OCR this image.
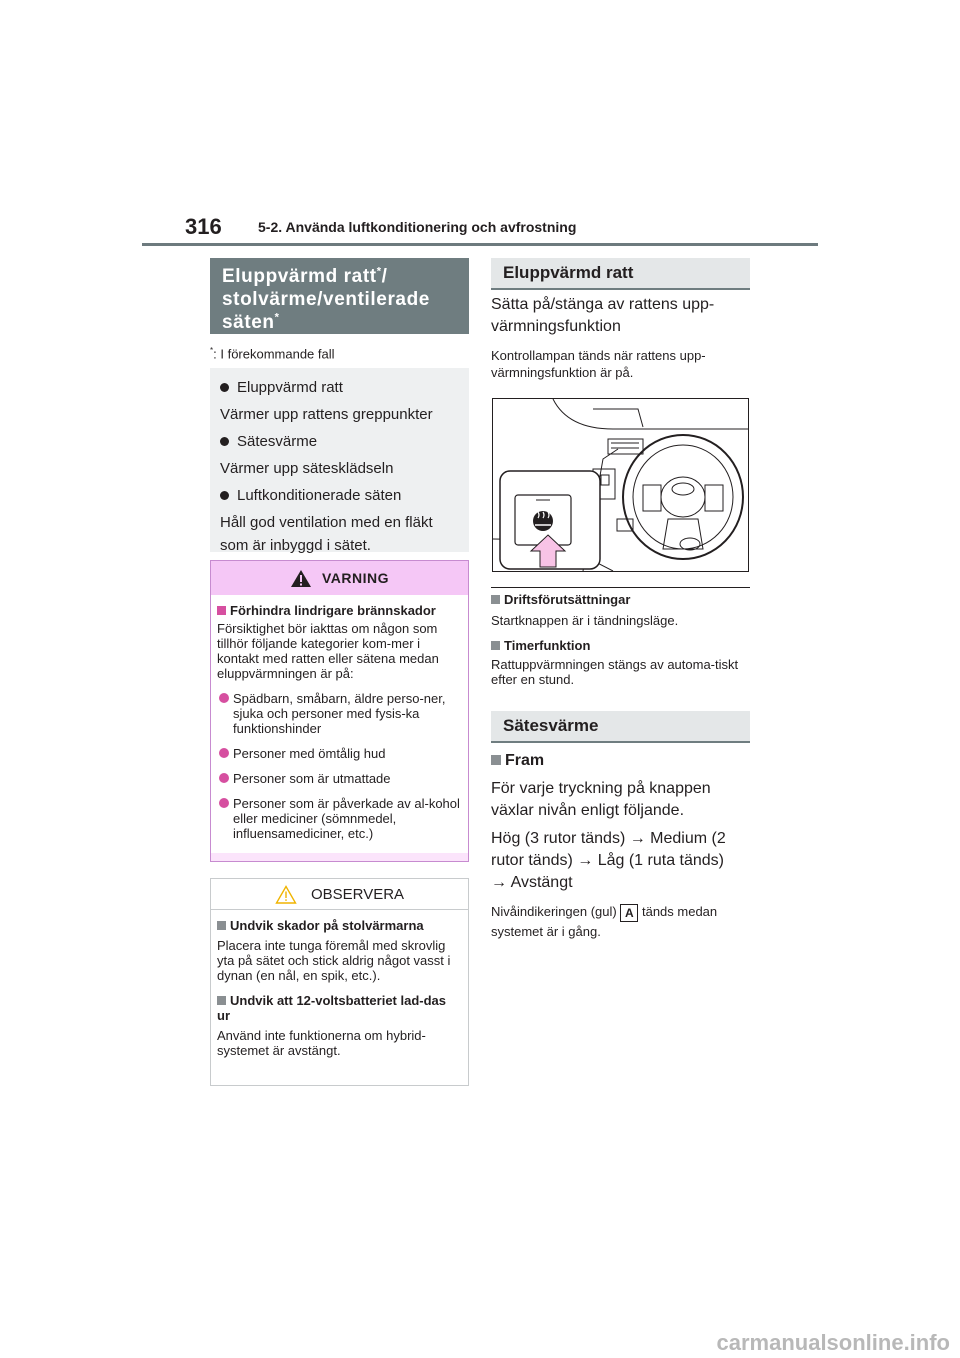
316	5-2. Använda luftkonditionering och avfrostning
Eluppvärmd ratt*/
stolvärme/ventilerade
säten*
*: I förekommande fall

Eluppvärmd ratt

Värmer upp rattens greppunkter

Sätesvärme

Värmer upp sätesklädseln

Luftkonditionerade säten

Håll god ventilation med en fläkt som är inbyggd i sätet.

VARNING
Förhindra lindrigare brännskador
Försiktighet bör iakttas om någon som tillhör följande kategorier kom-mer i kontakt med ratten eller sätena medan eluppvärmningen är på:
Spädbarn, småbarn, äldre perso-ner, sjuka och personer med fysis-ka funktionshinder
Personer med ömtålig hud
Personer som är utmattade
Personer som är påverkade av al-kohol eller mediciner (sömnmedel, influensamediciner, etc.)
OBSERVERA
Undvik skador på stolvärmarna
Placera inte tunga föremål med skrovlig yta på sätet och stick aldrig något vasst i dynan (en nål, en spik, etc.).
Undvik att 12-voltsbatteriet lad-das ur
Använd inte funktionerna om hybrid-systemet är avstängt.
Eluppvärmd ratt
Sätta på/stänga av rattens upp-värmningsfunktion
Kontrollampan tänds när rattens upp-värmningsfunktion är på.
Driftsförutsättningar
Startknappen är i tändningsläge.
Timerfunktion
Rattuppvärmningen stängs av automa-tiskt efter en stund.
Sätesvärme
Fram
För varje tryckning på knappen växlar nivån enligt följande.
Hög (3 rutor tänds) → Medium (2 rutor tänds) → Låg (1 ruta tänds)
→ Avstängt
Nivåindikeringen (gul) A tänds medan systemet är i gång.
carmanualsonline.info
